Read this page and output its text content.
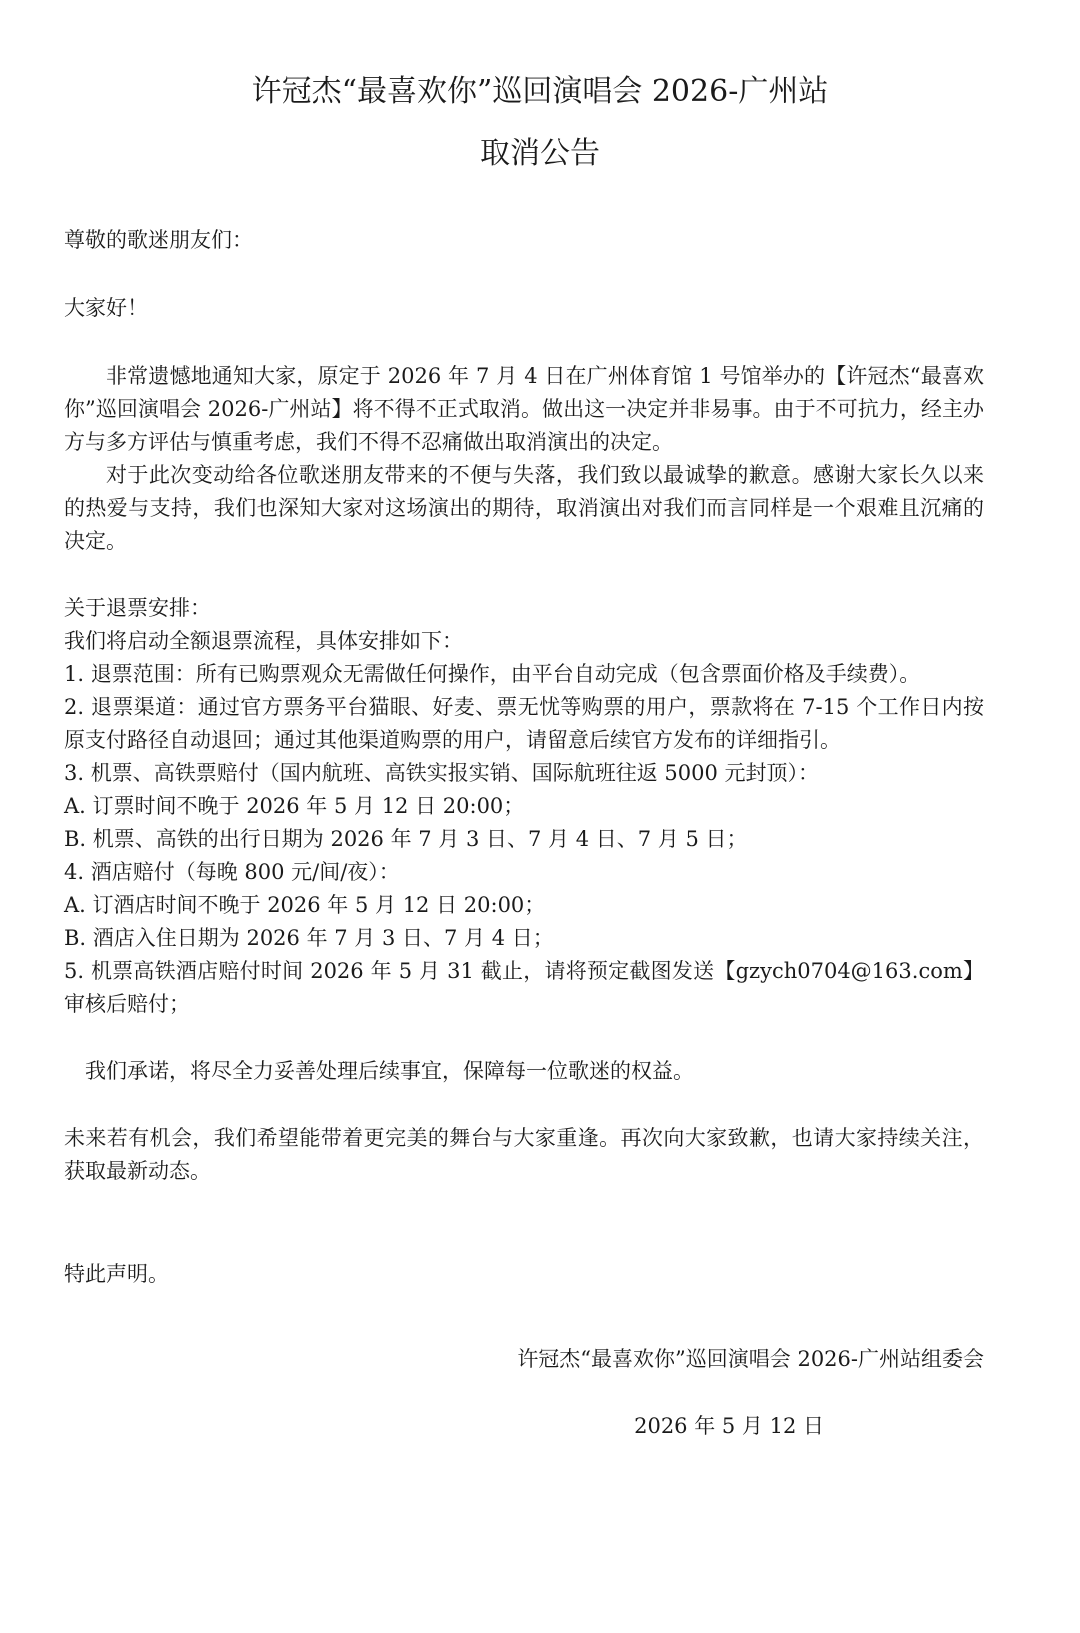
许冠杰“最喜欢你”巡回演唱会 2026-广州站
取消公告

尊敬的歌迷朋友们：

大家好！

非常遗憾地通知大家，原定于 2026 年 7 月 4 日在广州体育馆 1 号馆举办的【许冠杰“最喜欢你”巡回演唱会 2026-广州站】将不得不正式取消。做出这一决定并非易事。由于不可抗力，经主办方与多方评估与慎重考虑，我们不得不忍痛做出取消演出的决定。

对于此次变动给各位歌迷朋友带来的不便与失落，我们致以最诚挚的歉意。感谢大家长久以来的热爱与支持，我们也深知大家对这场演出的期待，取消演出对我们而言同样是一个艰难且沉痛的决定。

关于退票安排：

我们将启动全额退票流程，具体安排如下：

1. 退票范围：所有已购票观众无需做任何操作，由平台自动完成（包含票面价格及手续费）。
2. 退票渠道：通过官方票务平台猫眼、好麦、票无忧等购票的用户，票款将在 7-15 个工作日内按原支付路径自动退回；通过其他渠道购票的用户，请留意后续官方发布的详细指引。
3. 机票、高铁票赔付（国内航班、高铁实报实销、国际航班往返 5000 元封顶）：
A. 订票时间不晚于 2026 年 5 月 12 日 20:00；
B. 机票、高铁的出行日期为 2026 年 7 月 3 日、7 月 4 日、7 月 5 日；
4. 酒店赔付（每晚 800 元/间/夜）：
A. 订酒店时间不晚于 2026 年 5 月 12 日 20:00；
B. 酒店入住日期为 2026 年 7 月 3 日、7 月 4 日；
5. 机票高铁酒店赔付时间 2026 年 5 月 31 截止，请将预定截图发送【gzych0704@163.com】审核后赔付；

我们承诺，将尽全力妥善处理后续事宜，保障每一位歌迷的权益。

未来若有机会，我们希望能带着更完美的舞台与大家重逢。再次向大家致歉，也请大家持续关注，获取最新动态。

特此声明。

许冠杰“最喜欢你”巡回演唱会 2026-广州站组委会
2026 年 5 月 12 日
